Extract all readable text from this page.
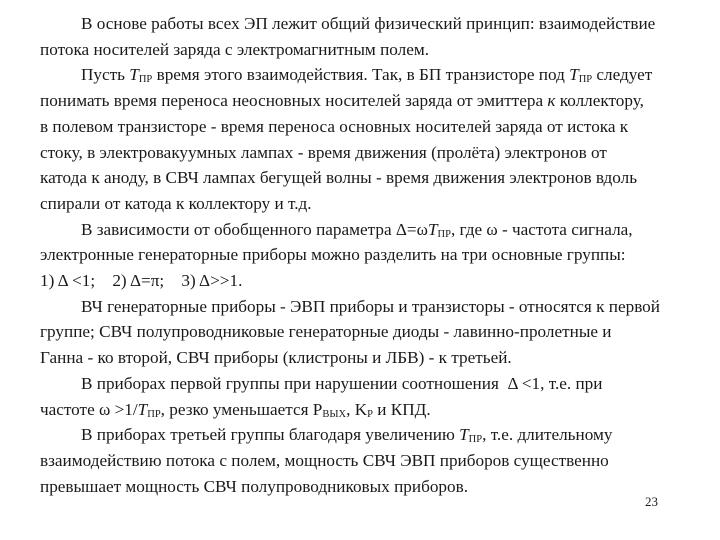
В основе работы всех ЭП лежит общий физический принцип: взаимодействие
потока носителей заряда с электромагнитным полем.
Пусть $T_{ПР}$ время этого взаимодействия. Так, в БП транзисторе под $T_{ПР}$ следует
понимать время переноса неосновных носителей заряда от эмиттера к коллектору,
в полевом транзисторе - время переноса основных носителей заряда от истока к
стоку, в электровакуумных лампах - время движения (пролёта) электронов от
катода к аноду, в СВЧ лампах бегущей волны - время движения электронов вдоль
спирали от катода к коллектору и т.д.
В зависимости от обобщенного параметра $\Delta=\omega T_{ПР}$, где ω - частота сигнала,
электронные генераторные приборы можно разделить на три основные группы:
1) Δ <1;    2) Δ=π;    3) Δ>>1.
ВЧ генераторные приборы - ЭВП приборы и транзисторы - относятся к первой
группе; СВЧ полупроводниковые генераторные диоды - лавинно-пролетные и
Ганна - ко второй, СВЧ приборы (клистроны и ЛБВ) - к третьей.
В приборах первой группы при нарушении соотношения  Δ <1, т.е. при
частоте $\omega >1/T_{ПР}$, резко уменьшается $P_{ВЫХ}$, $K_P$ и КПД.
В приборах третьей группы благодаря увеличению $T_{ПР}$, т.е. длительному
взаимодействию потока с полем, мощность СВЧ ЭВП приборов существенно
превышает мощность СВЧ полупроводниковых приборов.
23
